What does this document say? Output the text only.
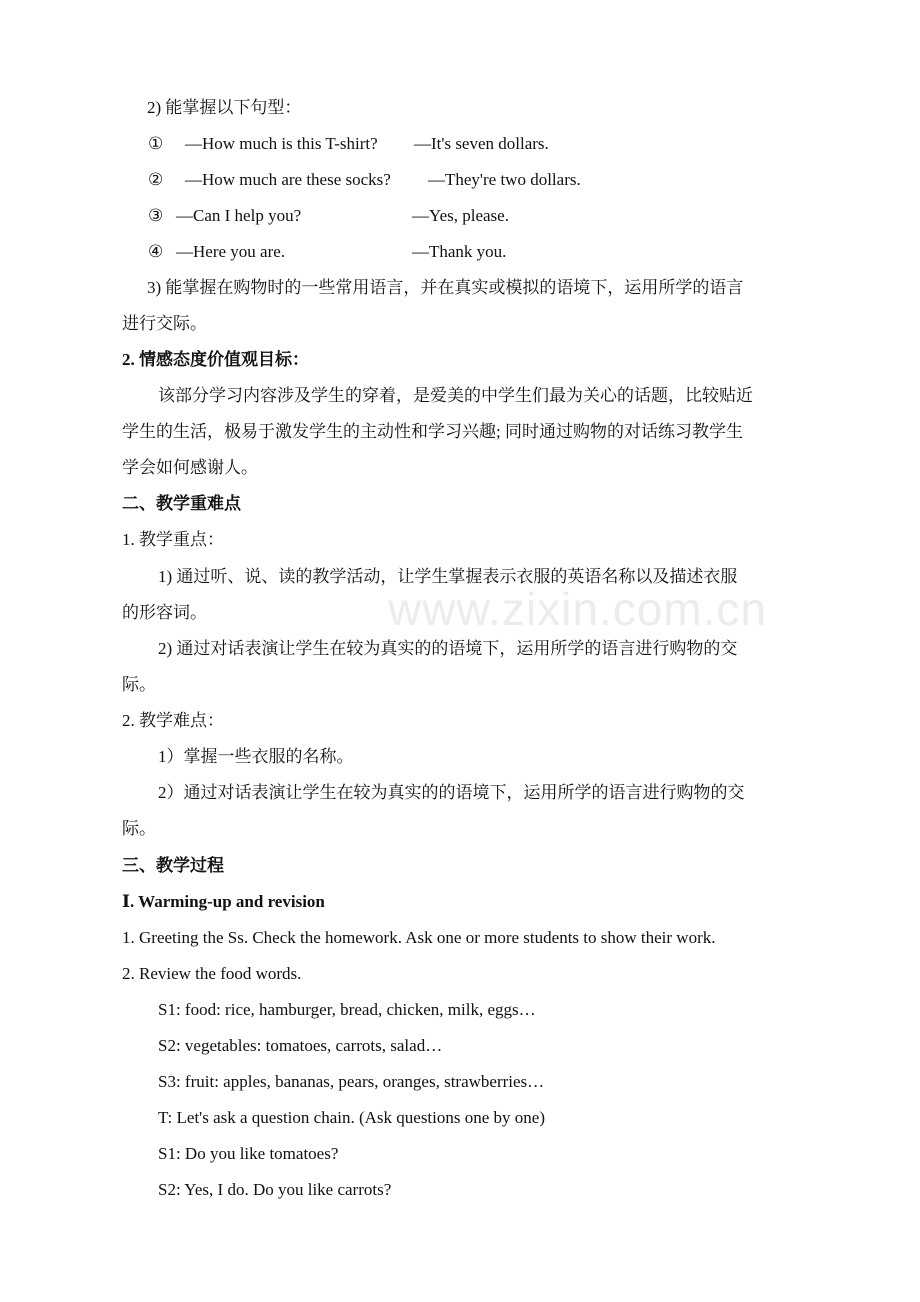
www.zixin.com.cn
2) 能掌握以下句型：
① —How much is this T-shirt? —It's seven dollars.
② —How much are these socks? —They're two dollars.
③ —Can I help you?	—Yes, please.
④ —Here you are.	—Thank you.
3) 能掌握在购物时的一些常用语言，并在真实或模拟的语境下，运用所学的语言
进行交际。
2. 情感态度价值观目标：
该部分学习内容涉及学生的穿着，是爱美的中学生们最为关心的话题，比较贴近
学生的生活，极易于激发学生的主动性和学习兴趣; 同时通过购物的对话练习教学生
学会如何感谢人。
二、教学重难点
1. 教学重点：
1) 通过听、说、读的教学活动，让学生掌握表示衣服的英语名称以及描述衣服
的形容词。
2) 通过对话表演让学生在较为真实的的语境下，运用所学的语言进行购物的交
际。
2. 教学难点：
1）掌握一些衣服的名称。
2）通过对话表演让学生在较为真实的的语境下，运用所学的语言进行购物的交
际。
三、教学过程
Ⅰ. Warming-up and revision
1. Greeting the Ss. Check the homework. Ask one or more students to show their work.
2. Review the food words.
S1: food: rice, hamburger, bread, chicken, milk, eggs…
S2: vegetables: tomatoes, carrots, salad…
S3: fruit: apples, bananas, pears, oranges, strawberries…
T: Let's ask a question chain. (Ask questions one by one)
S1: Do you like tomatoes?
S2: Yes, I do. Do you like carrots?
